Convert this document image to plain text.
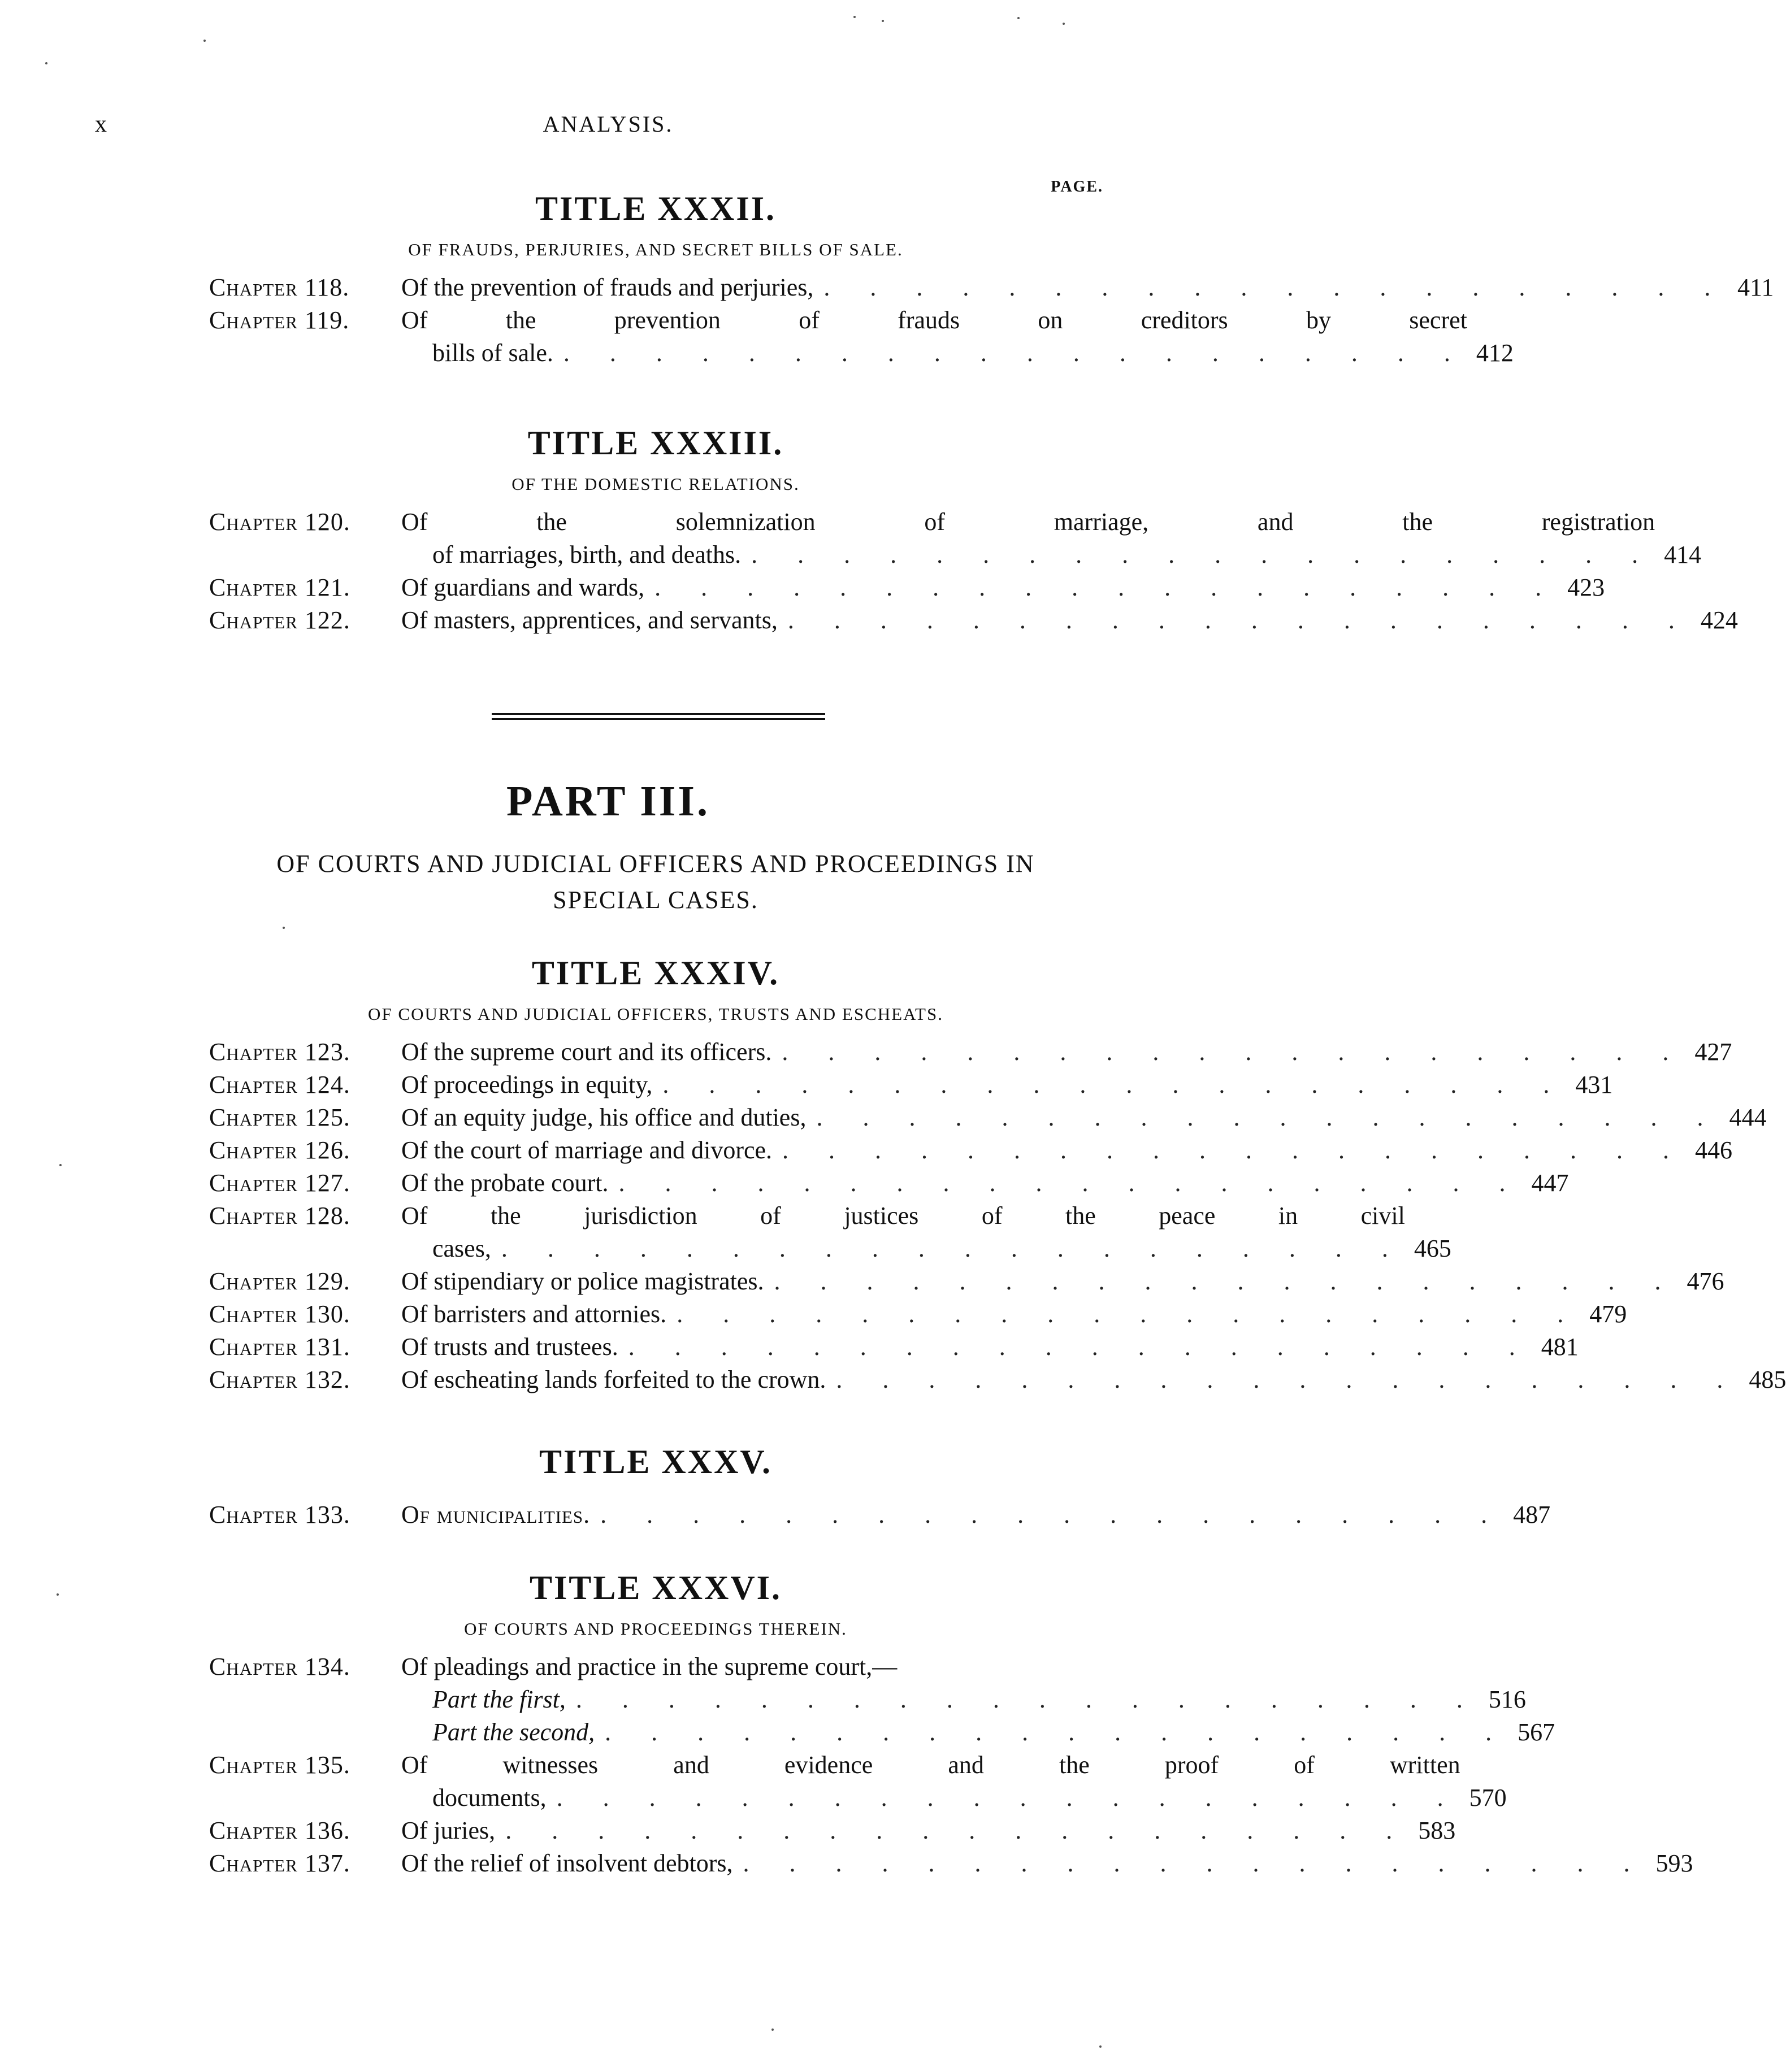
x	ANALYSIS.
PAGE.
TITLE XXXII.

OF FRAUDS, PERJURIES, AND SECRET BILLS OF SALE.

Chapter 118.	Of the prevention of frauds and perjuries, . . . . . . . . . . . . . . . . . . . . 411
Chapter 119.	Of the prevention of frauds on creditors by secret
bills of sale. . . . . . . . . . . . . . . . . . . . . 412
TITLE XXXIII.

OF THE DOMESTIC RELATIONS.

Chapter 120.	Of the solemnization of marriage, and the registration
of marriages, birth, and deaths. . . . . . . . . . . . . . . . . . . . . 414
Chapter 121.	Of guardians and wards, . . . . . . . . . . . . . . . . . . . . 423
Chapter 122.	Of masters, apprentices, and servants, . . . . . . . . . . . . . . . . . . . . 424
PART III.

OF COURTS AND JUDICIAL OFFICERS AND PROCEEDINGS IN

SPECIAL CASES.

TITLE XXXIV.

OF COURTS AND JUDICIAL OFFICERS, TRUSTS AND ESCHEATS.

Chapter 123.	Of the supreme court and its officers. . . . . . . . . . . . . . . . . . . . . 427
Chapter 124.	Of proceedings in equity, . . . . . . . . . . . . . . . . . . . . 431
Chapter 125.	Of an equity judge, his office and duties, . . . . . . . . . . . . . . . . . . . . 444
Chapter 126.	Of the court of marriage and divorce. . . . . . . . . . . . . . . . . . . . . 446
Chapter 127.	Of the probate court. . . . . . . . . . . . . . . . . . . . . 447
Chapter 128.	Of the jurisdiction of justices of the peace in civil
cases, . . . . . . . . . . . . . . . . . . . . 465
Chapter 129.	Of stipendiary or police magistrates. . . . . . . . . . . . . . . . . . . . . 476
Chapter 130.	Of barristers and attornies. . . . . . . . . . . . . . . . . . . . . 479
Chapter 131.	Of trusts and trustees. . . . . . . . . . . . . . . . . . . . . 481
Chapter 132.	Of escheating lands forfeited to the crown. . . . . . . . . . . . . . . . . . . . . 485
TITLE XXXV.
Chapter 133.	Of municipalities. . . . . . . . . . . . . . . . . . . . . 487
TITLE XXXVI.

OF COURTS AND PROCEEDINGS THEREIN.

Chapter 134.	Of pleadings and practice in the supreme court,—
Part the first, . . . . . . . . . . . . . . . . . . . . 516
Part the second, . . . . . . . . . . . . . . . . . . . . 567
Chapter 135.	Of witnesses and evidence and the proof of written
documents, . . . . . . . . . . . . . . . . . . . . 570
Chapter 136.	Of juries, . . . . . . . . . . . . . . . . . . . . 583
Chapter 137.	Of the relief of insolvent debtors, . . . . . . . . . . . . . . . . . . . . 593
